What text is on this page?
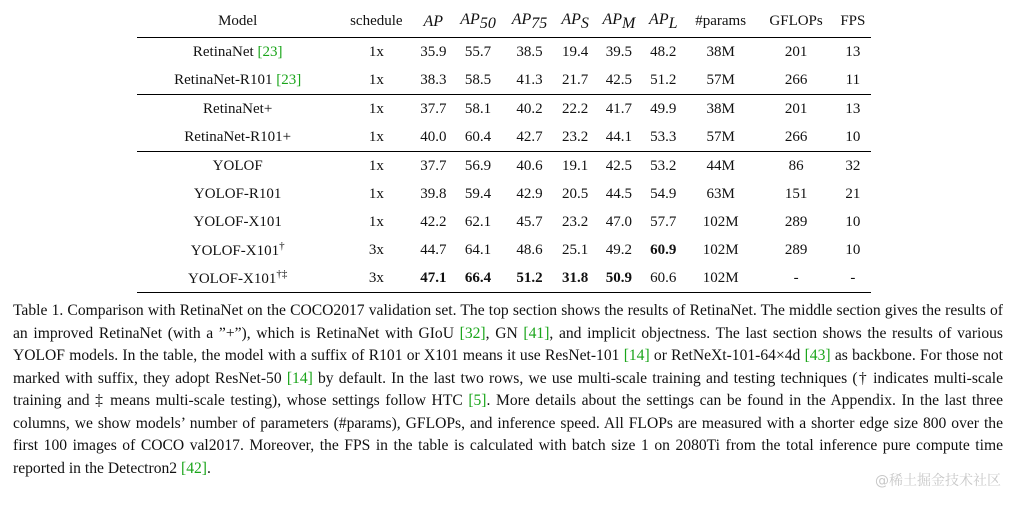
Model	schedule	AP	$AP_{50}$	$AP_{75}$	$AP_S$	$AP_M$	$AP_L$	#params	GFLOPs	FPS
RetinaNet [23]	1x	35.9	55.7	38.5	19.4	39.5	48.2	38M	201	13
RetinaNet-R101 [23]	1x	38.3	58.5	41.3	21.7	42.5	51.2	57M	266	11
RetinaNet+	1x	37.7	58.1	40.2	22.2	41.7	49.9	38M	201	13
RetinaNet-R101+	1x	40.0	60.4	42.7	23.2	44.1	53.3	57M	266	10
YOLOF	1x	37.7	56.9	40.6	19.1	42.5	53.2	44M	86	32
YOLOF-R101	1x	39.8	59.4	42.9	20.5	44.5	54.9	63M	151	21
YOLOF-X101	1x	42.2	62.1	45.7	23.2	47.0	57.7	102M	289	10
YOLOF-X101†	3x	44.7	64.1	48.6	25.1	49.2	60.9	102M	289	10
YOLOF-X101†‡	3x	47.1	66.4	51.2	31.8	50.9	60.6	102M	-	-
Table 1. Comparison with RetinaNet on the COCO2017 validation set. The top section shows the results of RetinaNet. The middle section gives the results of an improved RetinaNet (with a ”+”), which is RetinaNet with GIoU [32], GN [41], and implicit objectness. The last section shows the results of various YOLOF models. In the table, the model with a suffix of R101 or X101 means it use ResNet-101 [14] or RetNeXt-101-64×4d [43] as backbone. For those not marked with suffix, they adopt ResNet-50 [14] by default. In the last two rows, we use multi-scale training and testing techniques († indicates multi-scale training and ‡ means multi-scale testing), whose settings follow HTC [5]. More details about the settings can be found in the Appendix. In the last three columns, we show models’ number of parameters (#params), GFLOPs, and inference speed. All FLOPs are measured with a shorter edge size 800 over the first 100 images of COCO val2017. Moreover, the FPS in the table is calculated with batch size 1 on 2080Ti from the total inference pure compute time reported in the Detectron2 [42].
@稀土掘金技术社区
